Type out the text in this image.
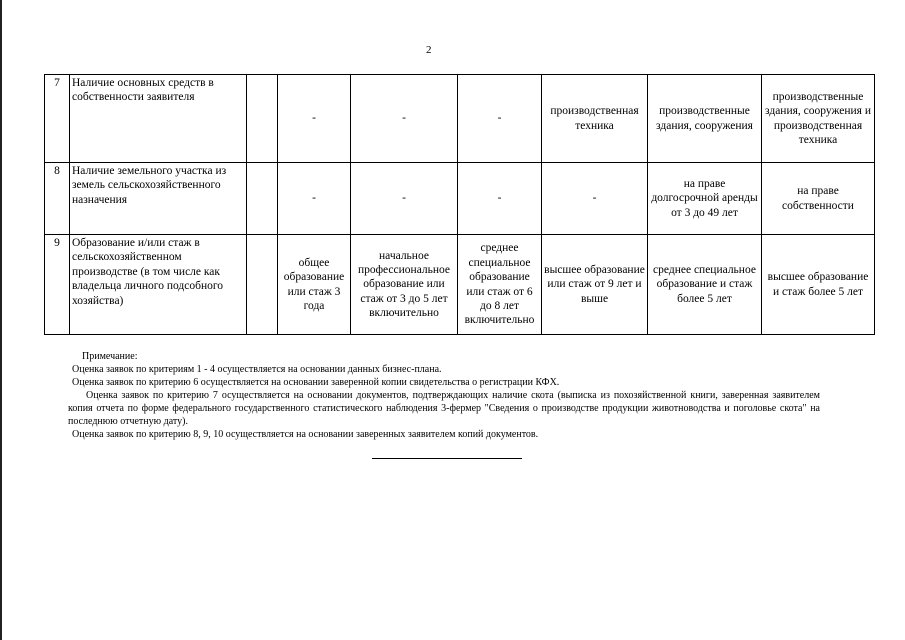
2
7	Наличие основных средств в собственности заявителя		-	-	-	производственная техника	производственные здания, сооружения	производственные здания, сооружения и производственная техника
8	Наличие земельного участка из земель сельскохозяйственного назначения		-	-	-	-	на праве долгосрочной аренды от 3 до 49 лет	на праве собственности
9	Образование и/или стаж в сельскохозяйственном производстве (в том числе как владельца личного подсобного хозяйства)		общее образование или стаж 3 года	начальное профессиональное образование или стаж от 3 до 5 лет включительно	среднее специальное образование или стаж от 6 до 8 лет включительно	высшее образование или стаж от 9 лет и выше	среднее специальное образование и стаж более 5 лет	высшее образование и стаж более 5 лет

Примечание:

Оценка заявок по критериям 1 - 4 осуществляется на основании данных бизнес-плана.

Оценка заявок по критерию 6 осуществляется на основании заверенной копии свидетельства о регистрации КФХ.

Оценка заявок по критерию 7 осуществляется на основании документов, подтверждающих наличие скота (выписка из похозяйственной книги, заверенная заявителем копия отчета по форме федерального государственного статистического наблюдения 3-фермер "Сведения о производстве продукции животноводства и поголовье скота" на последнюю отчетную дату).

Оценка заявок по критерию 8, 9, 10 осуществляется на основании заверенных заявителем копий документов.
